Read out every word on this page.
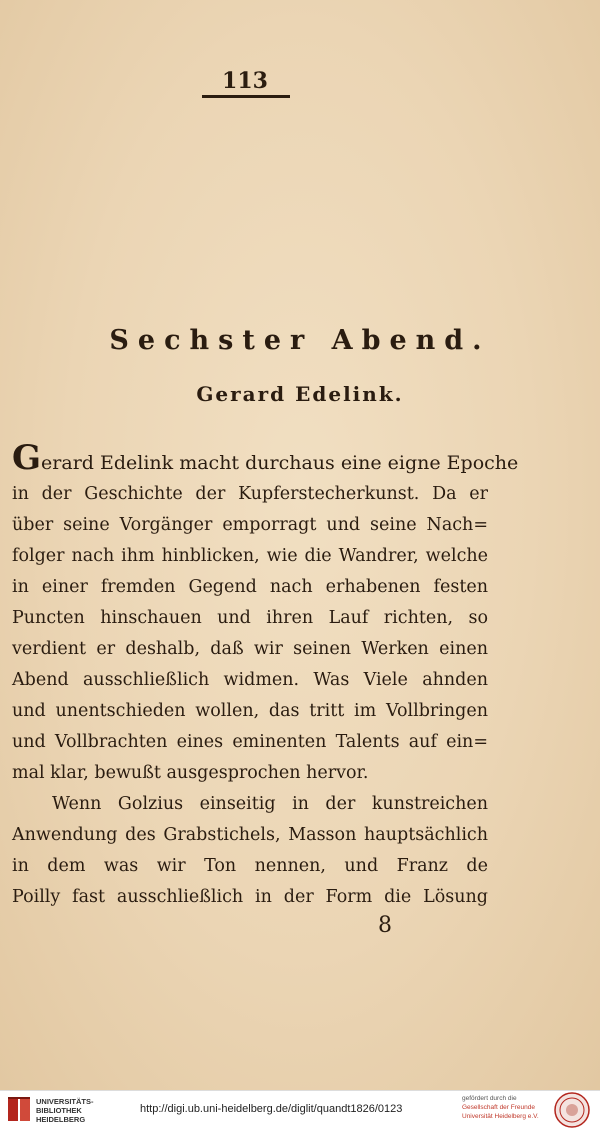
113
Sechster Abend.
Gerard Edelink.
Gerard Edelink macht durchaus eine eigne Epoche
in der Geschichte der Kupferstecherkunst. Da er
über seine Vorgänger emporragt und seine Nach=
folger nach ihm hinblicken, wie die Wandrer, welche
in einer fremden Gegend nach erhabenen festen
Puncten hinschauen und ihren Lauf richten, so
verdient er deshalb, daß wir seinen Werken einen
Abend ausschließlich widmen. Was Viele ahnden
und unentschieden wollen, das tritt im Vollbringen
und Vollbrachten eines eminenten Talents auf ein=
mal klar, bewußt ausgesprochen hervor.
Wenn Golzius einseitig in der kunstreichen
Anwendung des Grabstichels, Masson hauptsächlich
in dem was wir Ton nennen, und Franz de
Poilly fast ausschließlich in der Form die Lösung
8
UNIVERSITÄTS-
BIBLIOTHEK
HEIDELBERG
http://digi.ub.uni-heidelberg.de/diglit/quandt1826/0123
gefördert durch die
Gesellschaft der Freunde
Universität Heidelberg e.V.
